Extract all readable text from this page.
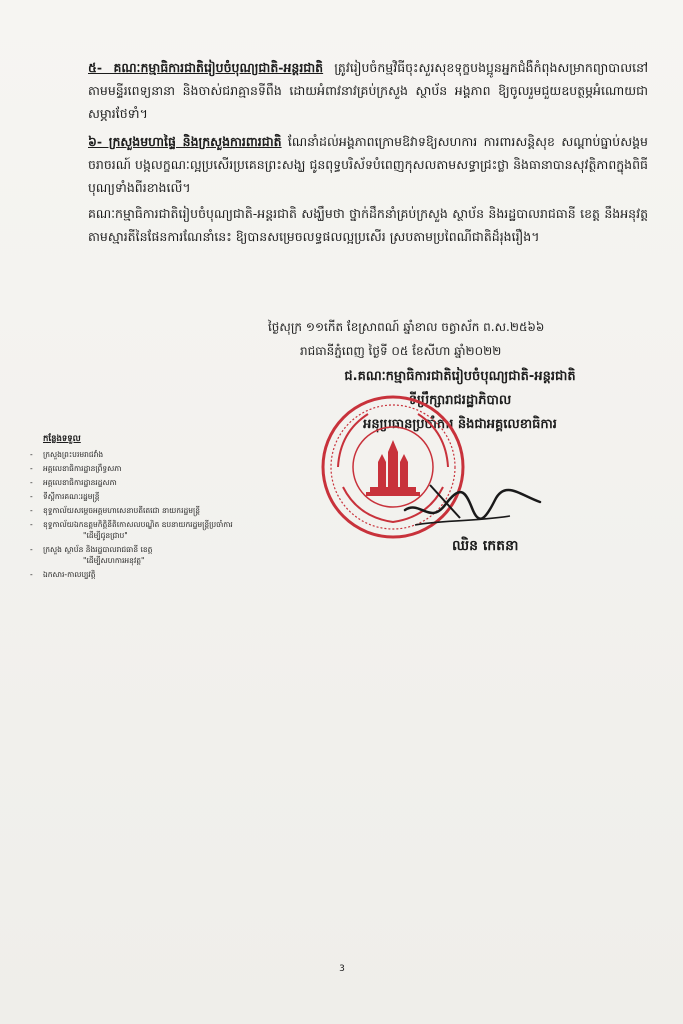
៥- គណៈកម្មាធិការជាតិរៀបចំបុណ្យជាតិ-អន្តរជាតិ ត្រូវរៀបចំកម្មវិធីចុះសួរសុខទុក្ខបងប្អូនអ្នកជំងឺកំពុងសម្រាកព្យាបាលនៅតាមមន្ទីរពេទ្យនានា និងចាស់ជរាគ្មានទីពឹង ដោយអំពាវនាវគ្រប់ក្រសួង ស្ថាប័ន អង្គភាព ឱ្យចូលរួមជួយឧបត្ថម្ភអំណោយជាសម្ភារថែទាំ។
៦- ក្រសួងមហាផ្ទៃ និងក្រសួងការពារជាតិ ណែនាំដល់អង្គភាពក្រោមឱវាទឱ្យសហការ ការពារសន្តិសុខ សណ្តាប់ធ្នាប់សង្គម ចរាចរណ៍ បង្កលក្ខណៈល្អប្រសើរប្រគេនព្រះសង្ឃ ជូនពុទ្ធបរិស័ទបំពេញកុសលតាមសទ្ធាជ្រះថ្លា និងធានាបានសុវត្ថិភាពក្នុងពិធីបុណ្យទាំងពីរខាងលើ។
គណៈកម្មាធិការជាតិរៀបចំបុណ្យជាតិ-អន្តរជាតិ សង្ឃឹមថា ថ្នាក់ដឹកនាំគ្រប់ក្រសួង ស្ថាប័ន និងរដ្ឋបាលរាជធានី ខេត្ត នឹងអនុវត្តតាមស្មារតីនៃផែនការណែនាំនេះ ឱ្យបានសម្រេចលទ្ធផលល្អប្រសើរ ស្របតាមប្រពៃណីជាតិដ៏រុងរឿង។
ថ្ងៃសុក្រ ១១កើត ខែស្រាពណ៍ ឆ្នាំខាល ចត្វាស័ក ព.ស.២៥៦៦
រាជធានីភ្នំពេញ ថ្ងៃទី ០៥ ខែសីហា ឆ្នាំ២០២២
ជ.គណៈកម្មាធិការជាតិរៀបចំបុណ្យជាតិ-អន្តរជាតិ
ទីប្រឹក្សារាជរដ្ឋាភិបាល
អនុប្រធានប្រចាំការ និងជាអគ្គលេខាធិការ
ឈិន កេតនា
កន្លែងទទួល
- ក្រសួងព្រះបរមរាជវាំង
- អគ្គលេខាធិការដ្ឋានព្រឹទ្ធសភា
- អគ្គលេខាធិការដ្ឋានរដ្ឋសភា
- ទីស្តីការគណៈរដ្ឋមន្ត្រី
- ខុទ្ទកាល័យសម្តេចអគ្គមហាសេនាបតីតេជោ នាយករដ្ឋមន្ត្រី
- ខុទ្ទកាល័យឯកឧត្តមកិត្តិនីតិកោសលបណ្ឌិត ឧបនាយករដ្ឋមន្ត្រីប្រចាំការ
"ដើម្បីជូនជ្រាប"
- ក្រសួង ស្ថាប័ន និងរដ្ឋបាលរាជធានី ខេត្ត
"ដើម្បីសហការអនុវត្ត"
- ឯកសារ-កាលប្បវត្តិ
3
